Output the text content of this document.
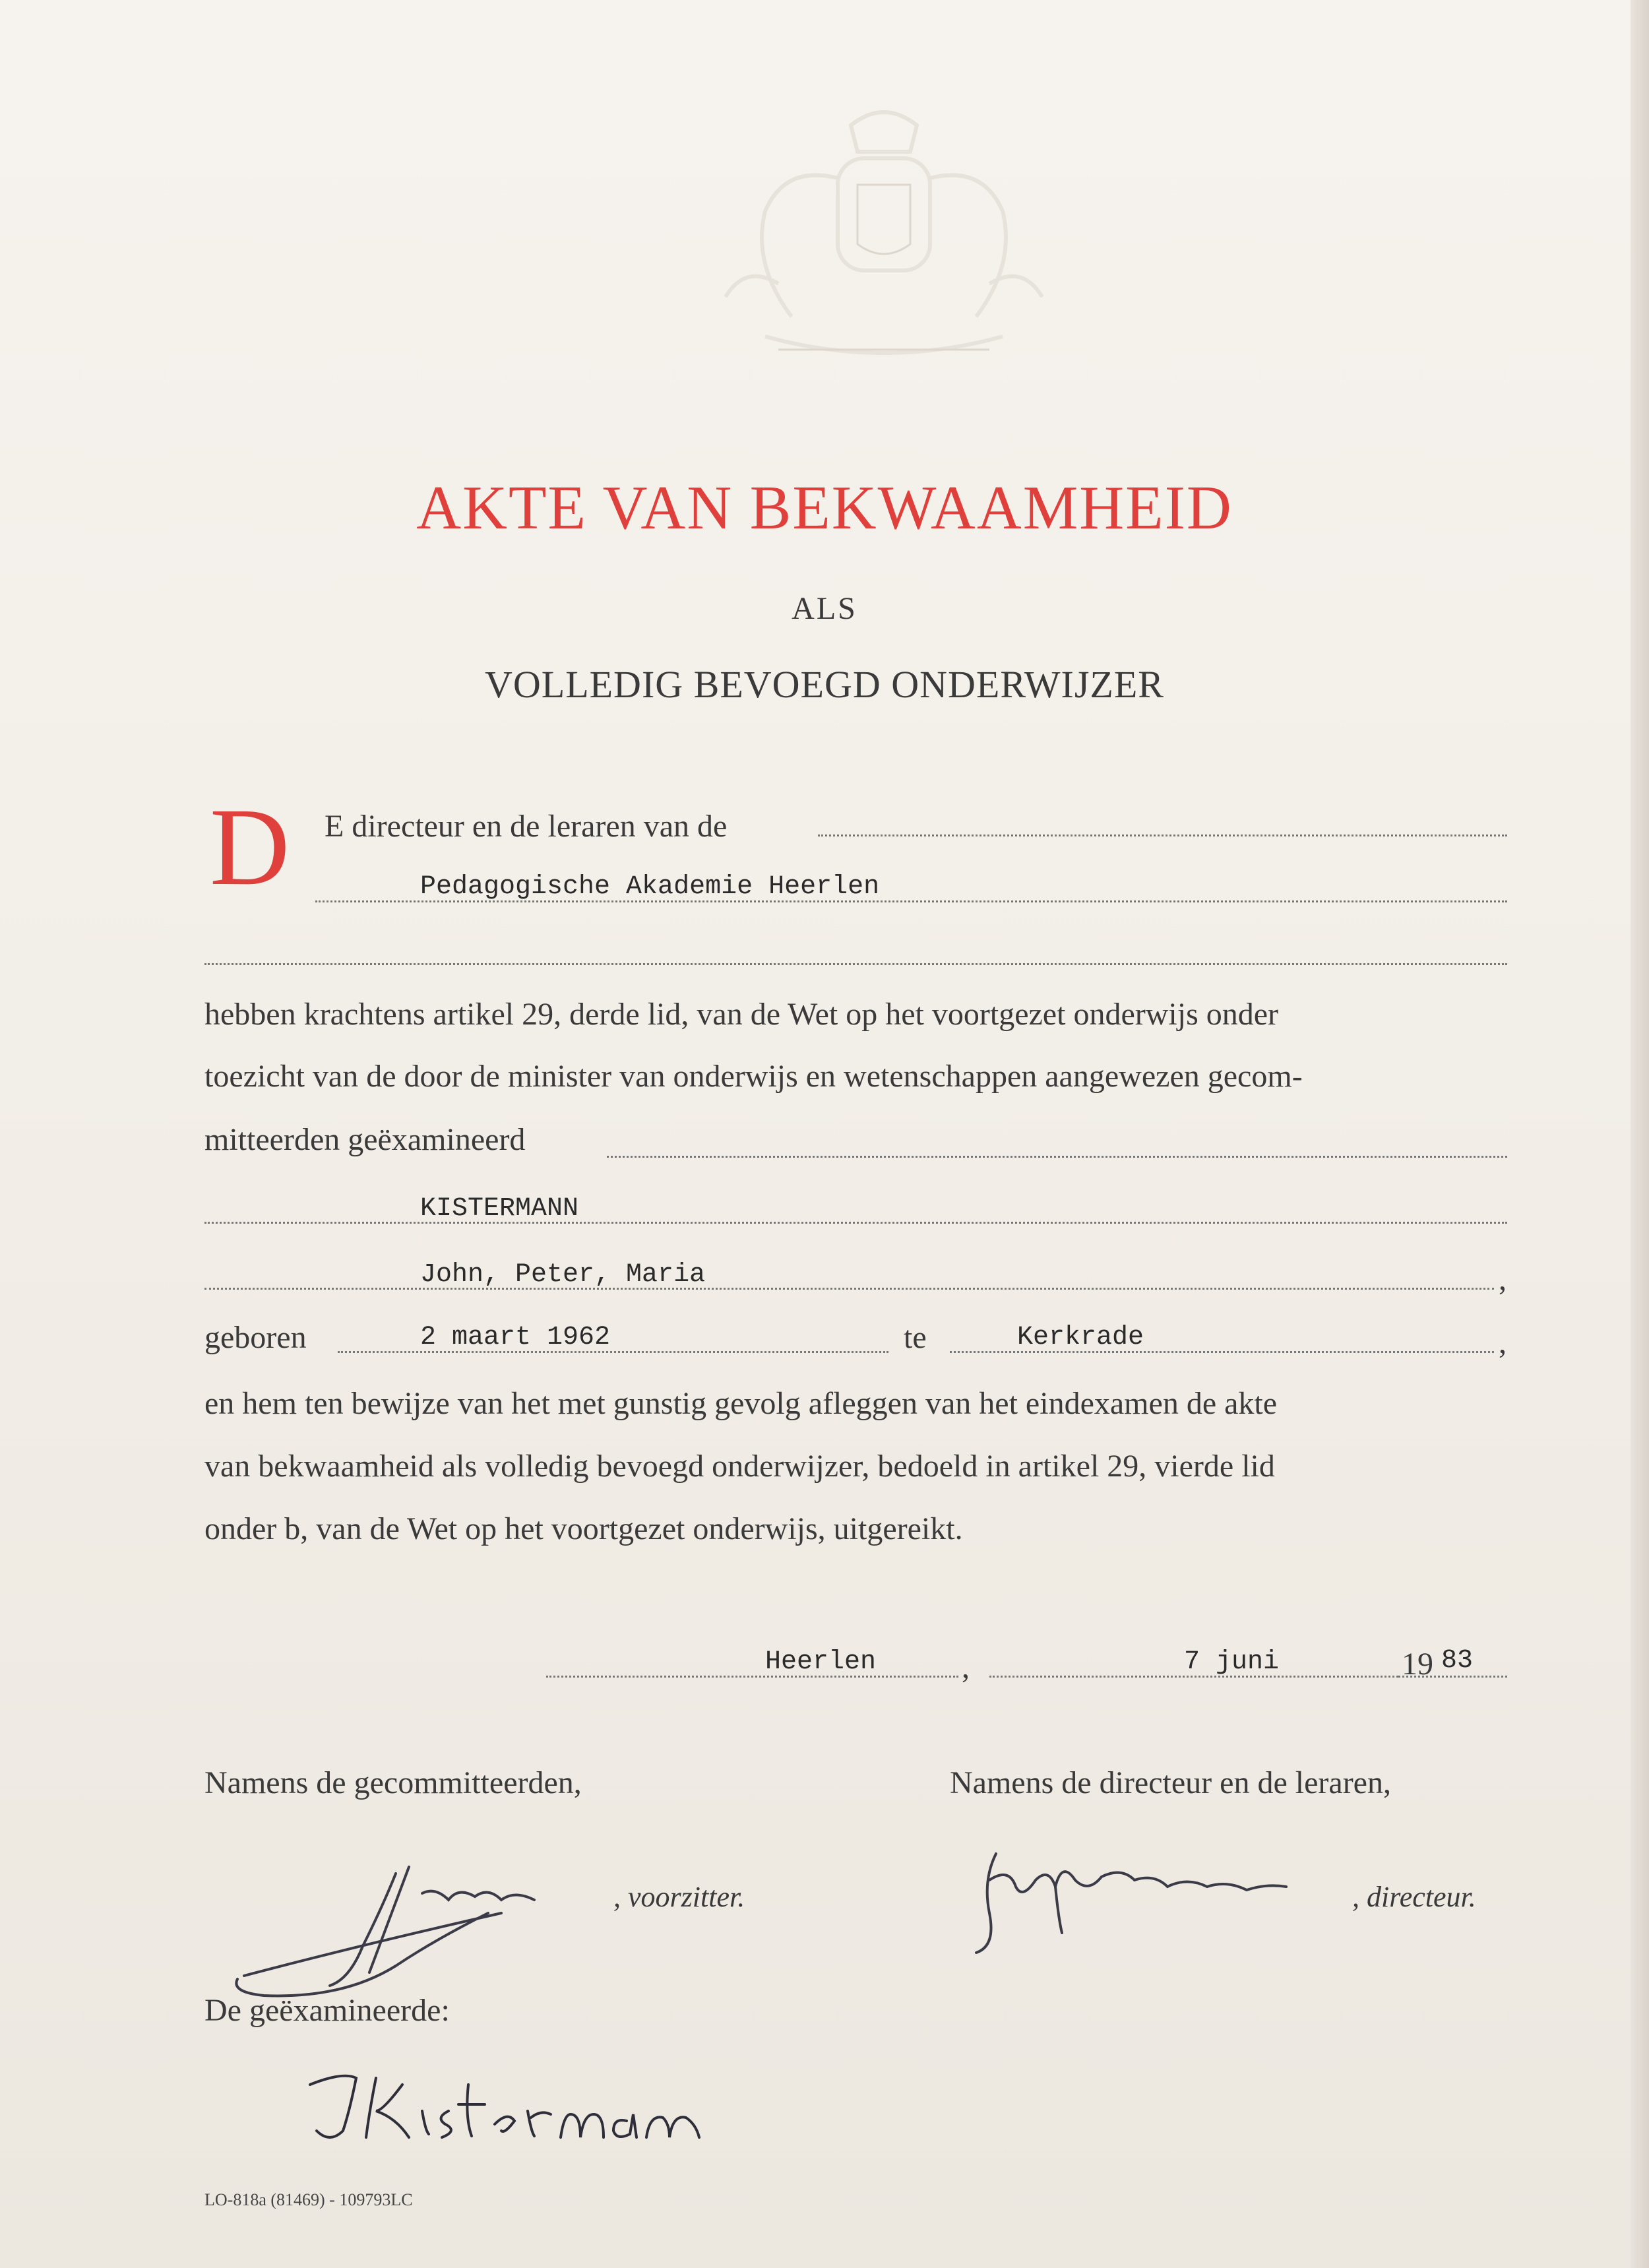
AKTE VAN BEKWAAMHEID
ALS
VOLLEDIG BEVOEGD ONDERWIJZER
D E directeur en de leraren van de
Pedagogische Akademie Heerlen
hebben krachtens artikel 29, derde lid, van de Wet op het voortgezet onderwijs onder
toezicht van de door de minister van onderwijs en wetenschappen aangewezen gecom-
mitteerden geëxamineerd
KISTERMANN
John, Peter, Maria	,
geboren	2 maart 1962	te	Kerkrade	,
en hem ten bewijze van het met gunstig gevolg afleggen van het eindexamen de akte
van bekwaamheid als volledig bevoegd onderwijzer, bedoeld in artikel 29, vierde lid
onder b, van de Wet op het voortgezet onderwijs, uitgereikt.
Heerlen	,	7 juni	19 83
Namens de gecommitteerden,	Namens de directeur en de leraren,
, voorzitter.	, directeur.
De geëxamineerde:
LO-818a (81469) - 109793LC
